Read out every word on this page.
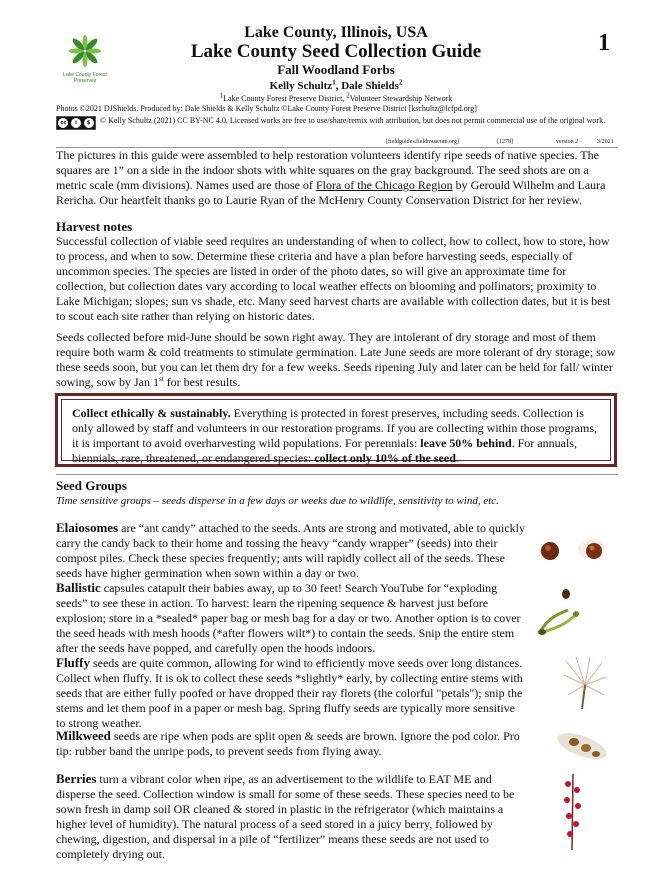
Lake County Forest Preserves
1
Lake County, Illinois, USA
Lake County Seed Collection Guide
Fall Woodland Forbs
Kelly Schultz$^1$, Dale Shields$^2$
$^1$Lake County Forest Preserve District, $^2$Volunteer Stewardship Network
Photos ©2021 DJShields. Produced by: Dale Shields & Kelly Schultz ©Lake County Forest Preserve District [kschultz@lcfpd.org]
cc	i	$	© Kelly Schultz (2021) CC BY-NC 4.0. Licensed works are free to use/share/remix with attribution, but does not permit commercial use of the original work.
[fieldguides.fieldmuseum.org]	[1278]	version 2	3/2021
The pictures in this guide were assembled to help restoration volunteers identify ripe seeds of native species. The squares are 1” on a side in the indoor shots with white squares on the gray background. The seed shots are on a metric scale (mm divisions). Names used are those of Flora of the Chicago Region by Gerould Wilhelm and Laura Rericha. Our heartfelt thanks go to Laurie Ryan of the McHenry County Conservation District for her review.
Harvest notes
Successful collection of viable seed requires an understanding of when to collect, how to collect, how to store, how to process, and when to sow. Determine these criteria and have a plan before harvesting seeds, especially of uncommon species. The species are listed in order of the photo dates, so will give an approximate time for collection, but collection dates vary according to local weather effects on blooming and pollinators; proximity to Lake Michigan; slopes; sun vs shade, etc. Many seed harvest charts are available with collection dates, but it is best to scout each site rather than relying on historic dates.
Seeds collected before mid-June should be sown right away. They are intolerant of dry storage and most of them require both warm & cold treatments to stimulate germination. Late June seeds are more tolerant of dry storage; sow these seeds soon, but you can let them dry for a few weeks. Seeds ripening July and later can be held for fall/ winter sowing, sow by Jan 1st for best results.
Collect ethically & sustainably. Everything is protected in forest preserves, including seeds. Collection is only allowed by staff and volunteers in our restoration programs. If you are collecting within those programs, it is important to avoid overharvesting wild populations. For perennials: leave 50% behind. For annuals, biennials, rare, threatened, or endangered species: collect only 10% of the seed.
Seed Groups
Time sensitive groups – seeds disperse in a few days or weeks due to wildlife, sensitivity to wind, etc.
Elaiosomes are “ant candy” attached to the seeds. Ants are strong and motivated, able to quickly carry the candy back to their home and tossing the heavy “candy wrapper” (seeds) into their compost piles. Check these species frequently; ants will rapidly collect all of the seeds. These seeds have higher germination when sown within a day or two.
Ballistic capsules catapult their babies away, up to 30 feet! Search YouTube for “exploding seeds” to see these in action. To harvest: learn the ripening sequence & harvest just before explosion; store in a *sealed* paper bag or mesh bag for a day or two. Another option is to cover the seed heads with mesh hoods (*after flowers wilt*) to contain the seeds. Snip the entire stem after the seeds have popped, and carefully open the hoods indoors.
Fluffy seeds are quite common, allowing for wind to efficiently move seeds over long distances. Collect when fluffy. It is ok to collect these seeds *slightly* early, by collecting entire stems with seeds that are either fully poofed or have dropped their ray florets (the colorful "petals"); snip the stems and let them poof in a paper or mesh bag. Spring fluffy seeds are typically more sensitive to strong weather.
Milkweed seeds are ripe when pods are split open & seeds are brown. Ignore the pod color. Pro tip: rubber band the unripe pods, to prevent seeds from flying away.
Berries turn a vibrant color when ripe, as an advertisement to the wildlife to EAT ME and disperse the seed. Collection window is small for some of these seeds. These species need to be sown fresh in damp soil OR cleaned & stored in plastic in the refrigerator (which maintains a higher level of humidity). The natural process of a seed stored in a juicy berry, followed by chewing, digestion, and dispersal in a pile of “fertilizer” means these seeds are not used to completely drying out.
